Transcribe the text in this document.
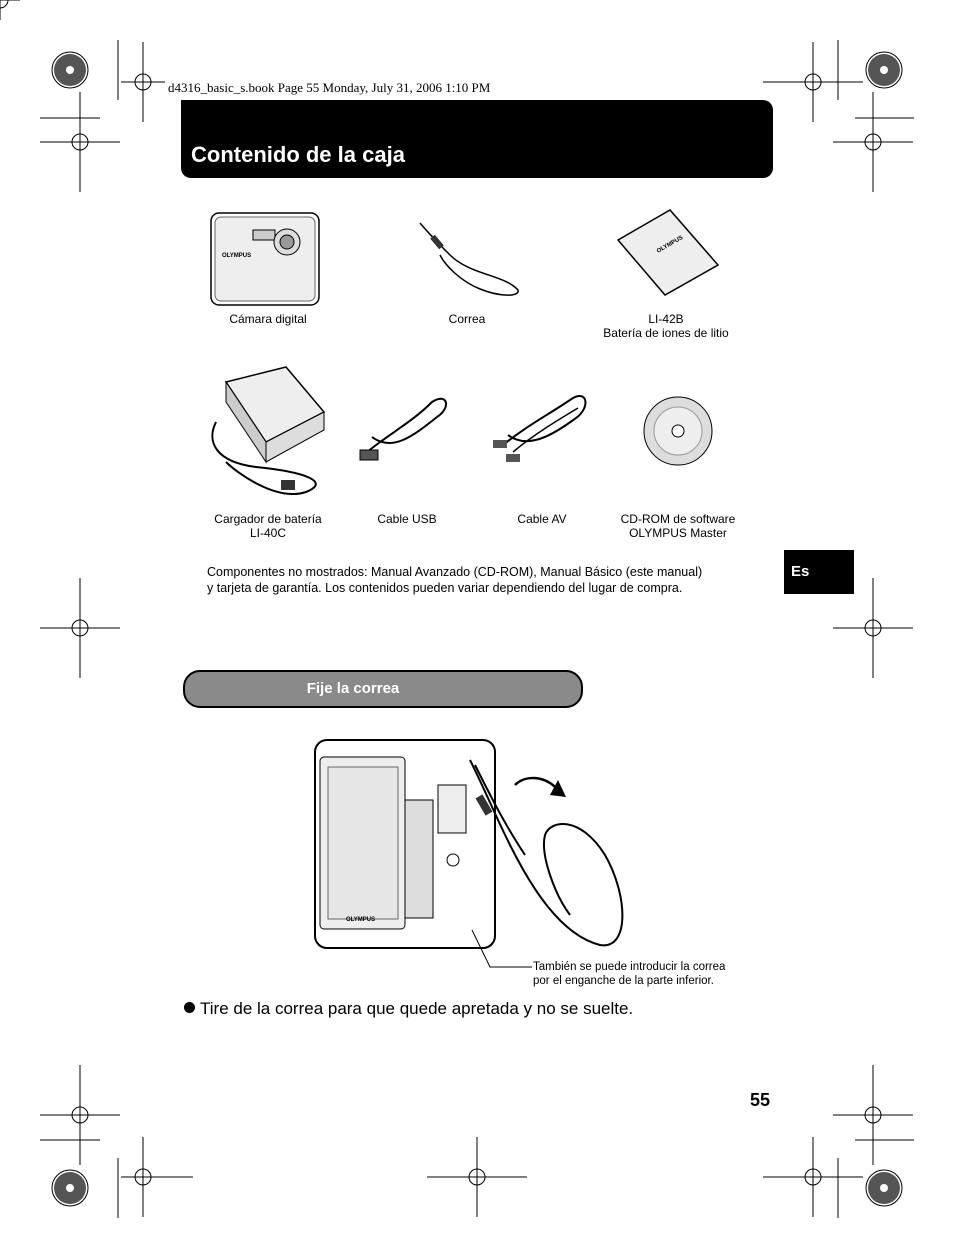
d4316_basic_s.book Page 55 Monday, July 31, 2006 1:10 PM
Contenido de la caja
OLYMPUS
OLYMPUS
Cámara digital	Correa	LI-42B
Batería de iones de litio
Cargador de batería
LI-40C
Cable USB	Cable AV	CD-ROM de software
OLYMPUS Master
Componentes no mostrados: Manual Avanzado (CD-ROM), Manual Básico (este manual)
y tarjeta de garantía. Los contenidos pueden variar dependiendo del lugar de compra.
Es
Fije la correa
OLYMPUS
También se puede introducir la correa
por el enganche de la parte inferior.
Tire de la correa para que quede apretada y no se suelte.
55
